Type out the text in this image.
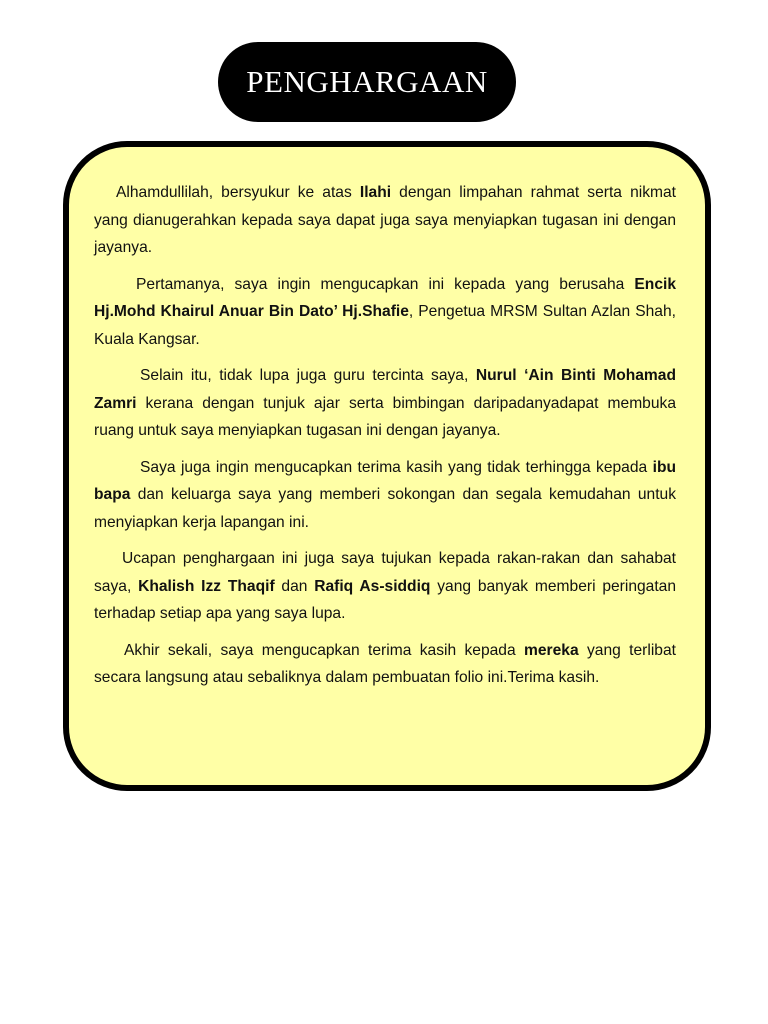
PENGHARGAAN

Alhamdullilah, bersyukur ke atas Ilahi dengan limpahan rahmat serta nikmat yang dianugerahkan kepada saya dapat juga saya menyiapkan tugasan ini dengan jayanya.

Pertamanya, saya ingin mengucapkan ini kepada yang berusaha Encik Hj.Mohd Khairul Anuar Bin Dato’ Hj.Shafie, Pengetua MRSM Sultan Azlan Shah, Kuala Kangsar.

Selain itu, tidak lupa juga guru tercinta saya, Nurul ‘Ain Binti Mohamad Zamri kerana dengan tunjuk ajar serta bimbingan daripadanyadapat membuka ruang untuk saya menyiapkan tugasan ini dengan jayanya.

Saya juga ingin mengucapkan terima kasih yang tidak terhingga kepada ibu bapa dan keluarga saya yang memberi sokongan dan segala kemudahan untuk menyiapkan kerja lapangan ini.

Ucapan penghargaan ini juga saya tujukan kepada rakan-rakan dan sahabat saya, Khalish Izz Thaqif dan Rafiq As-siddiq yang banyak memberi peringatan terhadap setiap apa yang saya lupa.

Akhir sekali, saya mengucapkan terima kasih kepada mereka yang terlibat secara langsung atau sebaliknya dalam pembuatan folio ini.Terima kasih.
